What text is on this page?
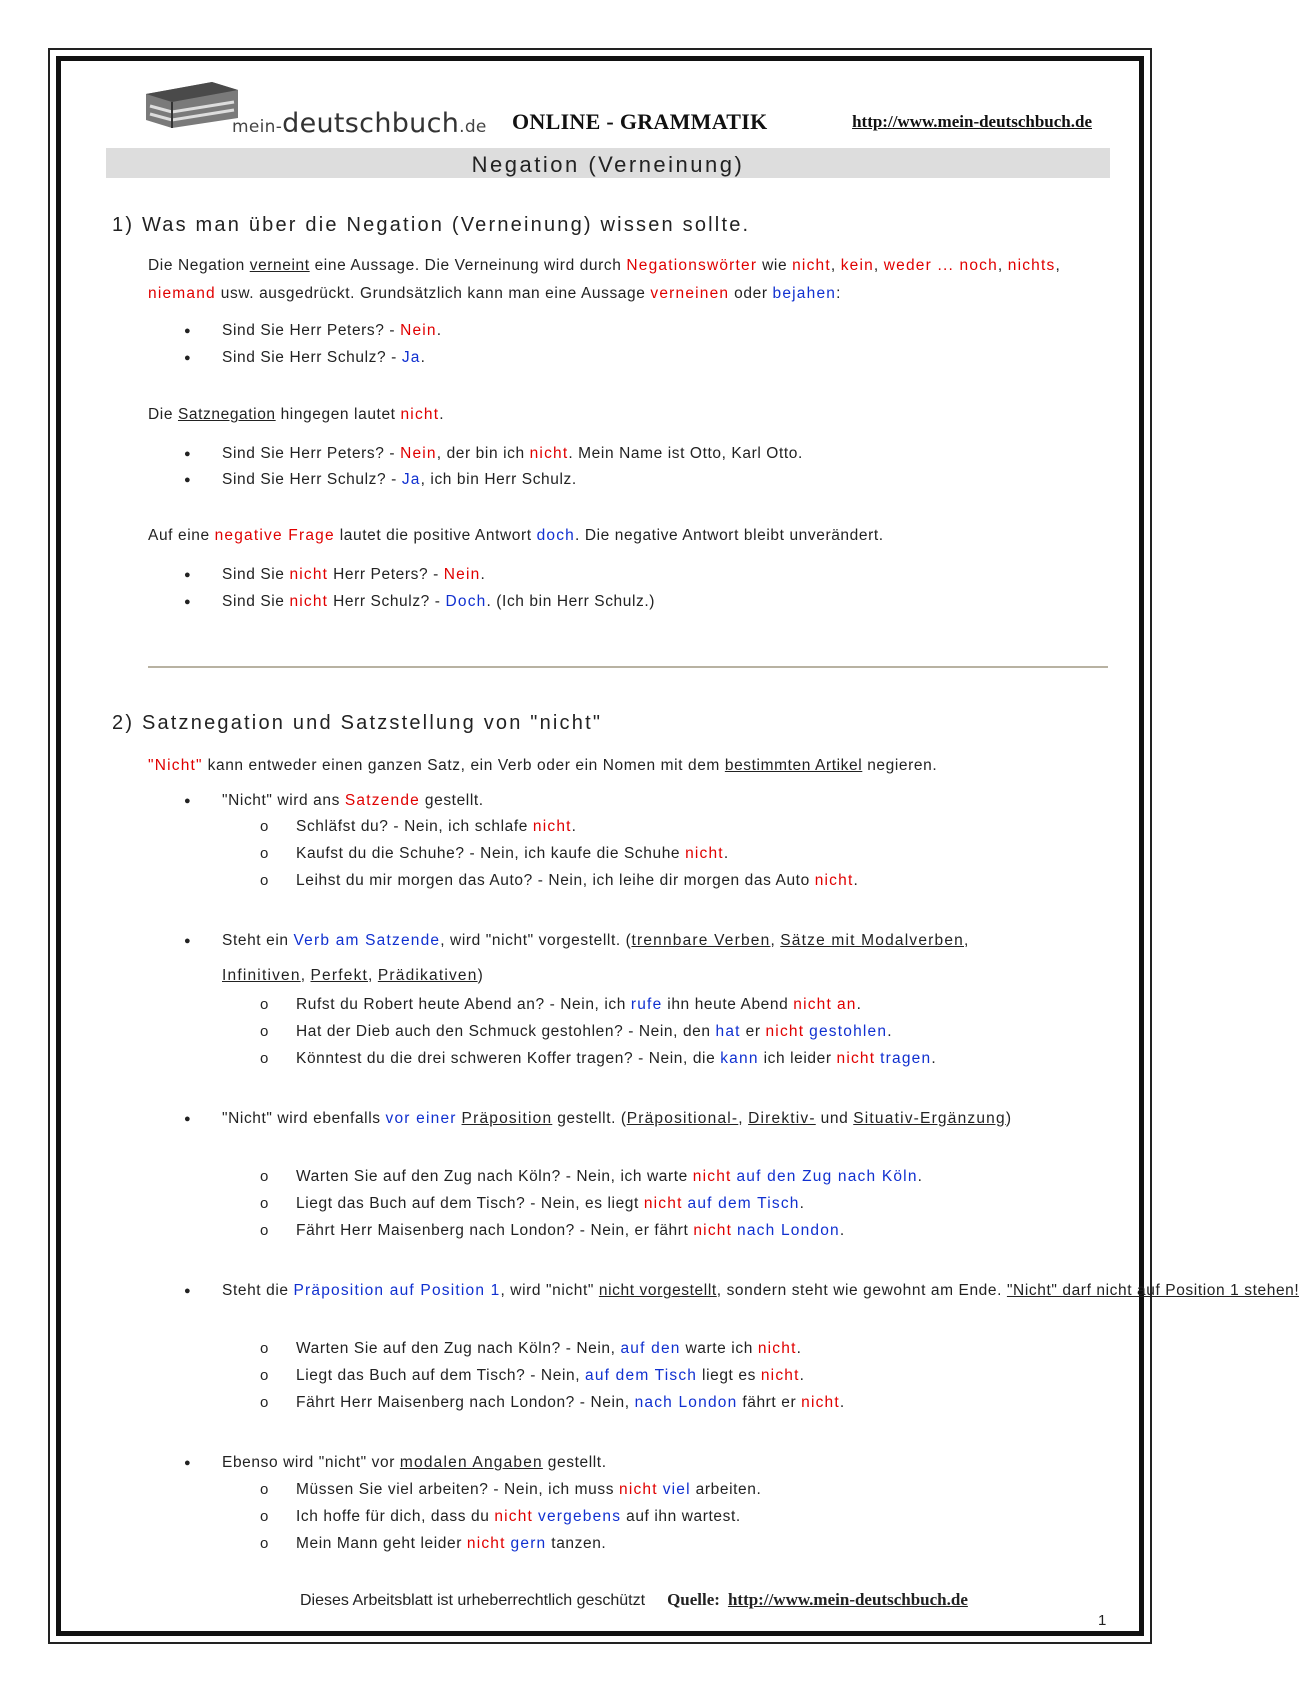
mein-deutschbuch.de ONLINE - GRAMMATIK	http://www.mein-deutschbuch.de
Negation (Verneinung)
1) Was man über die Negation (Verneinung) wissen sollte.
Die Negation verneint eine Aussage. Die Verneinung wird durch Negationswörter wie nicht, kein, weder ... noch, nichts, niemand usw. ausgedrückt. Grundsätzlich kann man eine Aussage verneinen oder bejahen:
● Sind Sie Herr Peters? - Nein.
● Sind Sie Herr Schulz? - Ja.
Die Satznegation hingegen lautet nicht.
● Sind Sie Herr Peters? - Nein, der bin ich nicht. Mein Name ist Otto, Karl Otto.
● Sind Sie Herr Schulz? - Ja, ich bin Herr Schulz.
Auf eine negative Frage lautet die positive Antwort doch. Die negative Antwort bleibt unverändert.
● Sind Sie nicht Herr Peters? - Nein.
● Sind Sie nicht Herr Schulz? - Doch. (Ich bin Herr Schulz.)
2) Satznegation und Satzstellung von "nicht"
"Nicht" kann entweder einen ganzen Satz, ein Verb oder ein Nomen mit dem bestimmten Artikel negieren.
● "Nicht" wird ans Satzende gestellt.
o Schläfst du? - Nein, ich schlafe nicht.
o Kaufst du die Schuhe? - Nein, ich kaufe die Schuhe nicht.
o Leihst du mir morgen das Auto? - Nein, ich leihe dir morgen das Auto nicht.
● Steht ein Verb am Satzende, wird "nicht" vorgestellt. (trennbare Verben, Sätze mit Modalverben,
Infinitiven, Perfekt, Prädikativen)
o Rufst du Robert heute Abend an? - Nein, ich rufe ihn heute Abend nicht an.
o Hat der Dieb auch den Schmuck gestohlen? - Nein, den hat er nicht gestohlen.
o Könntest du die drei schweren Koffer tragen? - Nein, die kann ich leider nicht tragen.
● "Nicht" wird ebenfalls vor einer Präposition gestellt. (Präpositional-, Direktiv- und Situativ-Ergänzung)
o Warten Sie auf den Zug nach Köln? - Nein, ich warte nicht auf den Zug nach Köln.
o Liegt das Buch auf dem Tisch? - Nein, es liegt nicht auf dem Tisch.
o Fährt Herr Maisenberg nach London? - Nein, er fährt nicht nach London.
● Steht die Präposition auf Position 1, wird "nicht" nicht vorgestellt, sondern steht wie gewohnt am Ende. "Nicht" darf nicht auf Position 1 stehen!
o Warten Sie auf den Zug nach Köln? - Nein, auf den warte ich nicht.
o Liegt das Buch auf dem Tisch? - Nein, auf dem Tisch liegt es nicht.
o Fährt Herr Maisenberg nach London? - Nein, nach London fährt er nicht.
● Ebenso wird "nicht" vor modalen Angaben gestellt.
o Müssen Sie viel arbeiten? - Nein, ich muss nicht viel arbeiten.
o Ich hoffe für dich, dass du nicht vergebens auf ihn wartest.
o Mein Mann geht leider nicht gern tanzen.
Dieses Arbeitsblatt ist urheberrechtlich geschützt Quelle: http://www.mein-deutschbuch.de
1
